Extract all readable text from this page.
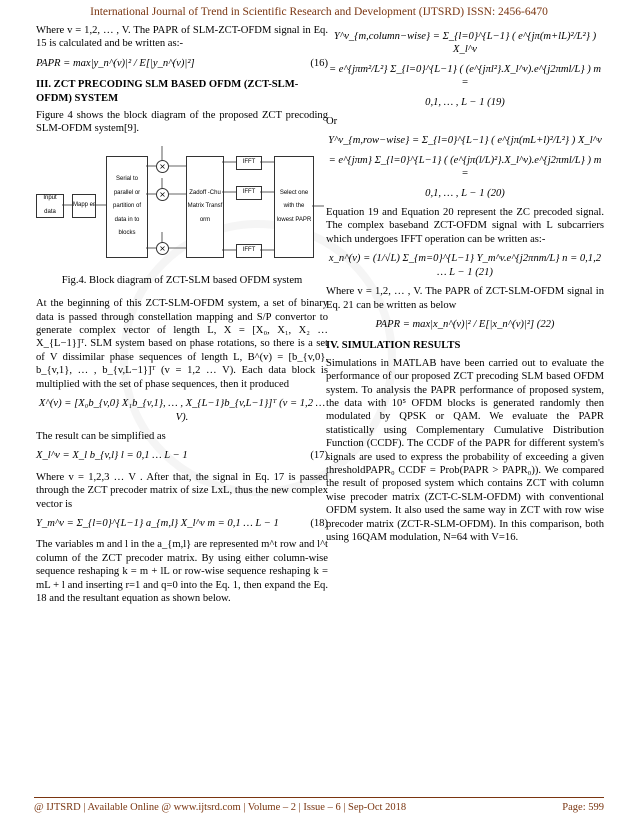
International Journal of Trend in Scientific Research and Development (IJTSRD) ISSN: 2456-6470

Where v = 1,2, … , V. The PAPR of SLM-ZCT-OFDM signal in Eq. 15 is calculated and be written as:-

PAPR = max|y_n^(v)|² / E[|y_n^(v)|²]	(16)
III. ZCT PRECODING SLM BASED OFDM (ZCT-SLM-OFDM) SYSTEM

Figure 4 shows the block diagram of the proposed ZCT precoding SLM-OFDM system[9].

Input data
Mapp er
Serial to parallel or partition of data in to blocks
×
×
×
Zadoff -Chu Matrix Transf orm
IFFT
IFFT
IFFT
Select one with the lowest PAPR
Fig.4. Block diagram of ZCT-SLM based OFDM system

At the beginning of this ZCT-SLM-OFDM system, a set of binary data is passed through constellation mapping and S/P convertor to generate complex vector of length L, X = [X₀, X₁, X₂ … X_{L−1}]ᵀ. SLM system based on phase rotations, so there is a set of V dissimilar phase sequences of length L, B^(v) = [b_{v,0}, b_{v,1}, … , b_{v,L−1}]ᵀ (v = 1,2 … V). Each data block is multiplied with the set of phase sequences, then it produced

X^(v) = [X₀b_{v,0} X₁b_{v,1}, … , X_{L−1}b_{v,L−1}]ᵀ (v = 1,2 … V).

The result can be simplified as

X_l^v = X_l b_{v,l} l = 0,1 … L − 1	(17)

Where v = 1,2,3 … V . After that, the signal in Eq. 17 is passed through the ZCT precoder matrix of size LxL, thus the new complex vector is

Y_m^v = Σ_{l=0}^{L−1} a_{m,l} X_l^v m = 0,1 … L − 1	(18)

The variables m and l in the a_{m,l} are represented m^t row and l^t column of the ZCT precoder matrix. By using either column-wise sequence reshaping k = m + lL or row-wise sequence reshaping k = mL + l and inserting r=1 and q=0 into the Eq. 1, then expand the Eq. 18 and the resultant equation as shown below.

Y^v_{m,column−wise} = Σ_{l=0}^{L−1} ( e^{jπ(m+lL)²/L²} ) X_l^v
= e^{jπm²/L²} Σ_{l=0}^{L−1} ( (e^{jπl²}.X_l^v).e^{j2πml/L} ) m =
0,1, … , L − 1 (19)

Or

Y^v_{m,row−wise} = Σ_{l=0}^{L−1} ( e^{jπ(mL+l)²/L²} ) X_l^v
= e^{jπm} Σ_{l=0}^{L−1} ( (e^{jπ(l/L)²}.X_l^v).e^{j2πml/L} ) m =
0,1, … , L − 1 (20)

Equation 19 and Equation 20 represent the ZC precoded signal. The complex baseband ZCT-OFDM signal with L subcarriers which undergoes IFFT operation can be written as:-

x_n^(v) = (1/√L) Σ_{m=0}^{L−1} Y_m^v.e^{j2πnm/L} n = 0,1,2 … L − 1 (21)

Where v = 1,2, … , V. The PAPR of ZCT-SLM-OFDM signal in Eq. 21 can be written as below

PAPR = max|x_n^(v)|² / E[|x_n^(v)|²] (22)
IV. SIMULATION RESULTS

Simulations in MATLAB have been carried out to evaluate the performance of our proposed ZCT precoding SLM based OFDM system. To analysis the PAPR performance of proposed system, the data with 10⁵ OFDM blocks is generated randomly then modulated by QPSK or QAM. We evaluate the PAPR statistically using Complementary Cumulative Distribution Function (CCDF). The CCDF of the PAPR for different system's signals are used to express the probability of exceeding a given thresholdPAPR₀ CCDF = Prob(PAPR > PAPR₀)). We compared the result of proposed system which contains ZCT with column wise precoder matrix (ZCT-C-SLM-OFDM) with conventional OFDM system. It also used the same way in ZCT with row wise precoder matrix (ZCT-R-SLM-OFDM). In this comparison, both using 16QAM modulation, N=64 with V=16.

@ IJTSRD | Available Online @ www.ijtsrd.com | Volume – 2 | Issue – 6 | Sep-Oct 2018	Page: 599
